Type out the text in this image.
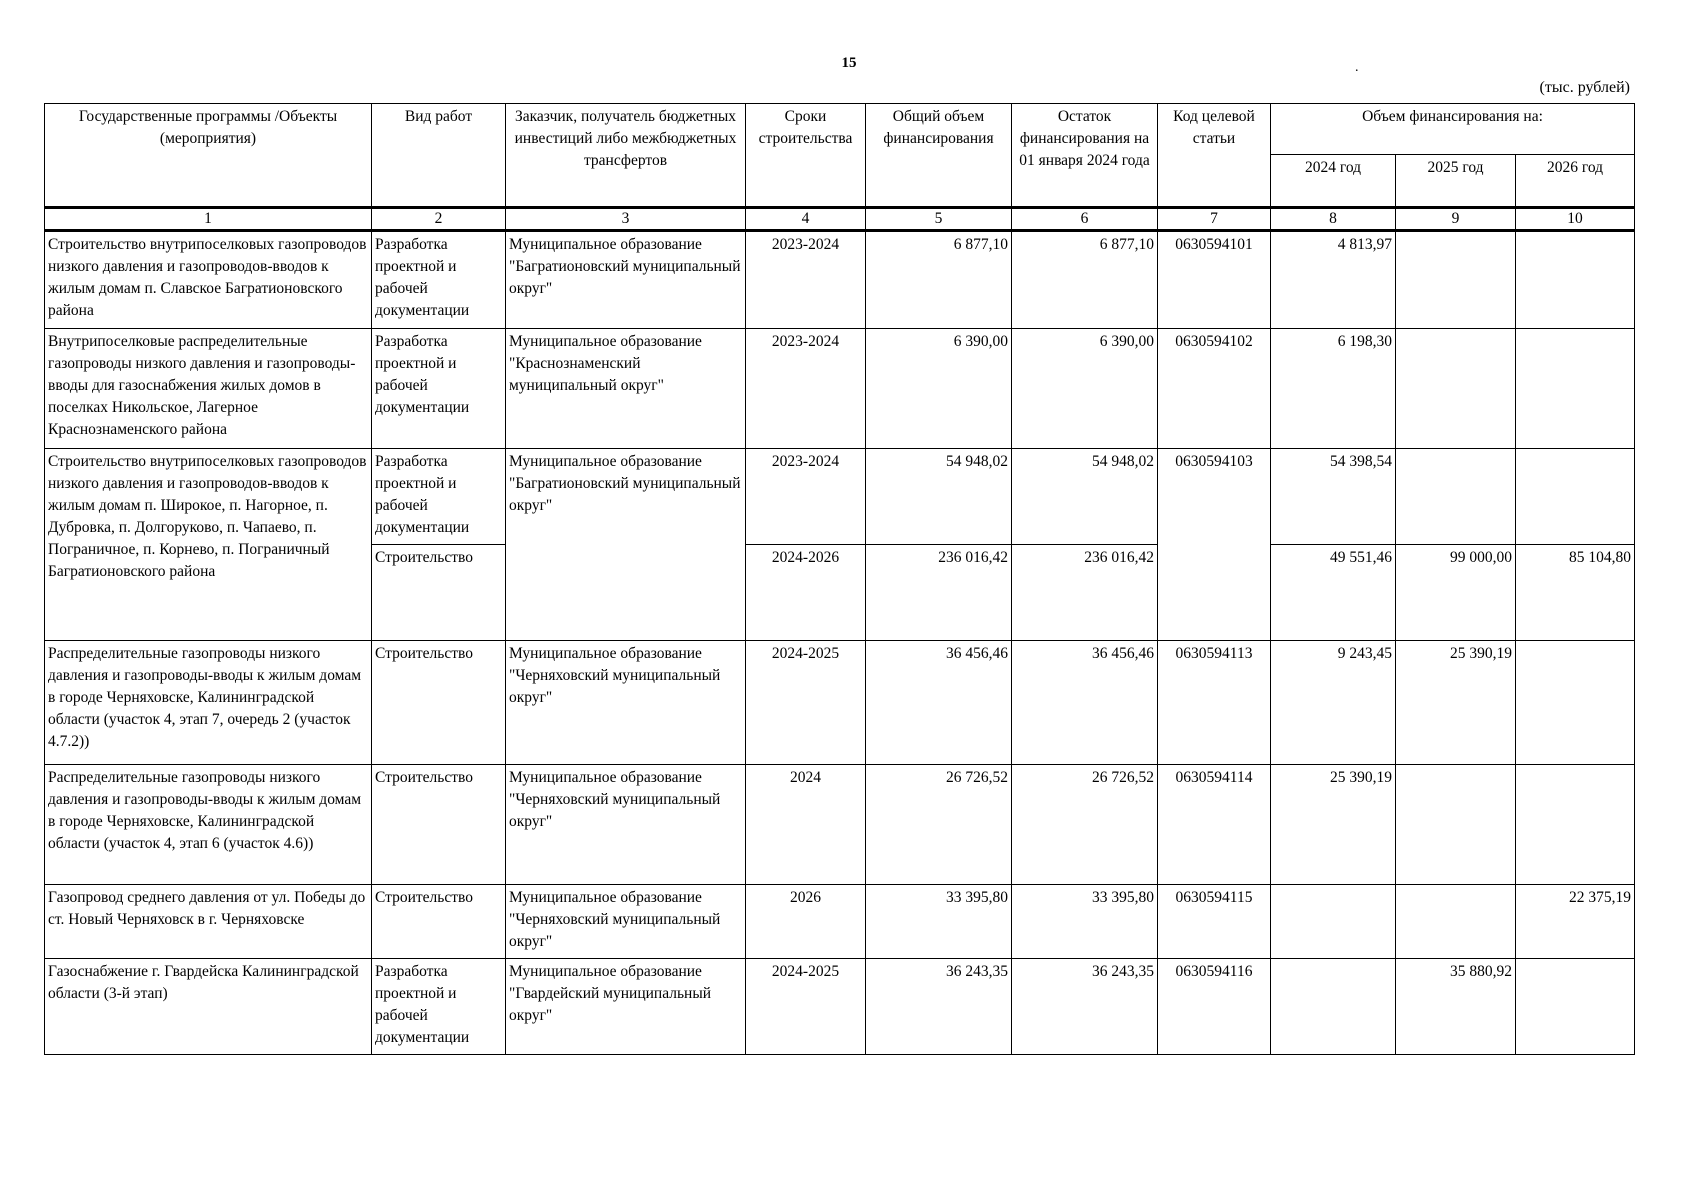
15	.
(тыс. рублей)
Государственные программы /Объекты (мероприятия)	Вид работ	Заказчик, получатель бюджетных инвестиций либо межбюджетных трансфертов	Сроки строительства	Общий объем финансирования	Остаток финансирования на 01 января 2024 года	Код целевой статьи	Объем финансирования на:		
							2024 год	2025 год	2026 год
1	2	3	4	5	6	7	8	9	10
Строительство внутрипоселковых газопроводов низкого давления и газопроводов-вводов к жилым домам п. Славское Багратионовского района	Разработка проектной и рабочей документации	Муниципальное образование "Багратионовский муниципальный округ"	2023-2024	6 877,10	6 877,10	0630594101	4 813,97		
Внутрипоселковые распределительные газопроводы низкого давления и газопроводы-вводы для газоснабжения жилых домов в поселках Никольское, Лагерное Краснознаменского района	Разработка проектной и рабочей документации	Муниципальное образование "Краснознаменский муниципальный округ"	2023-2024	6 390,00	6 390,00	0630594102	6 198,30		
Строительство внутрипоселковых газопроводов низкого давления и газопроводов-вводов к жилым домам п. Широкое, п. Нагорное, п. Дубровка, п. Долгоруково, п. Чапаево, п. Пограничное, п. Корнево, п. Пограничный Багратионовского района	Разработка проектной и рабочей документации	Муниципальное образование "Багратионовский муниципальный округ"	2023-2024	54 948,02	54 948,02	0630594103	54 398,54		
	Строительство		2024-2026	236 016,42	236 016,42		49 551,46	99 000,00	85 104,80
Распределительные газопроводы низкого давления и газопроводы-вводы к жилым домам в городе Черняховске, Калининградской области (участок 4, этап 7, очередь 2 (участок 4.7.2))	Строительство	Муниципальное образование "Черняховский муниципальный округ"	2024-2025	36 456,46	36 456,46	0630594113	9 243,45	25 390,19	
Распределительные газопроводы низкого давления и газопроводы-вводы к жилым домам в городе Черняховске, Калининградской области (участок 4, этап 6 (участок 4.6))	Строительство	Муниципальное образование "Черняховский муниципальный округ"	2024	26 726,52	26 726,52	0630594114	25 390,19		
Газопровод среднего давления от ул. Победы до ст. Новый Черняховск в г. Черняховске	Строительство	Муниципальное образование "Черняховский муниципальный округ"	2026	33 395,80	33 395,80	0630594115			22 375,19
Газоснабжение г. Гвардейска Калининградской области (3-й этап)	Разработка проектной и рабочей документации	Муниципальное образование "Гвардейский муниципальный округ"	2024-2025	36 243,35	36 243,35	0630594116		35 880,92	
